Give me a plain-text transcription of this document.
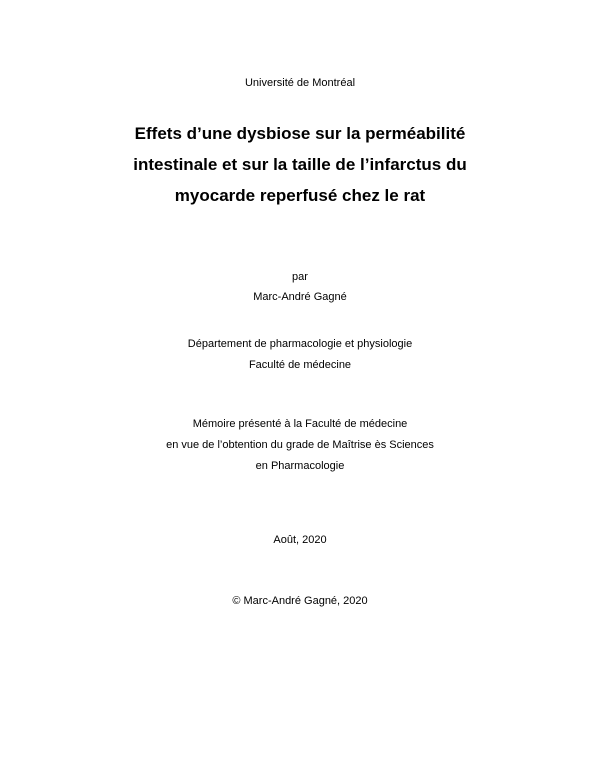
Université de Montréal
Effets d’une dysbiose sur la perméabilité
intestinale et sur la taille de l’infarctus du
myocarde reperfusé chez le rat
par
Marc-André Gagné
Département de pharmacologie et physiologie
Faculté de médecine
Mémoire présenté à la Faculté de médecine
en vue de l’obtention du grade de Maîtrise ès Sciences
en Pharmacologie
Août, 2020
© Marc-André Gagné, 2020
